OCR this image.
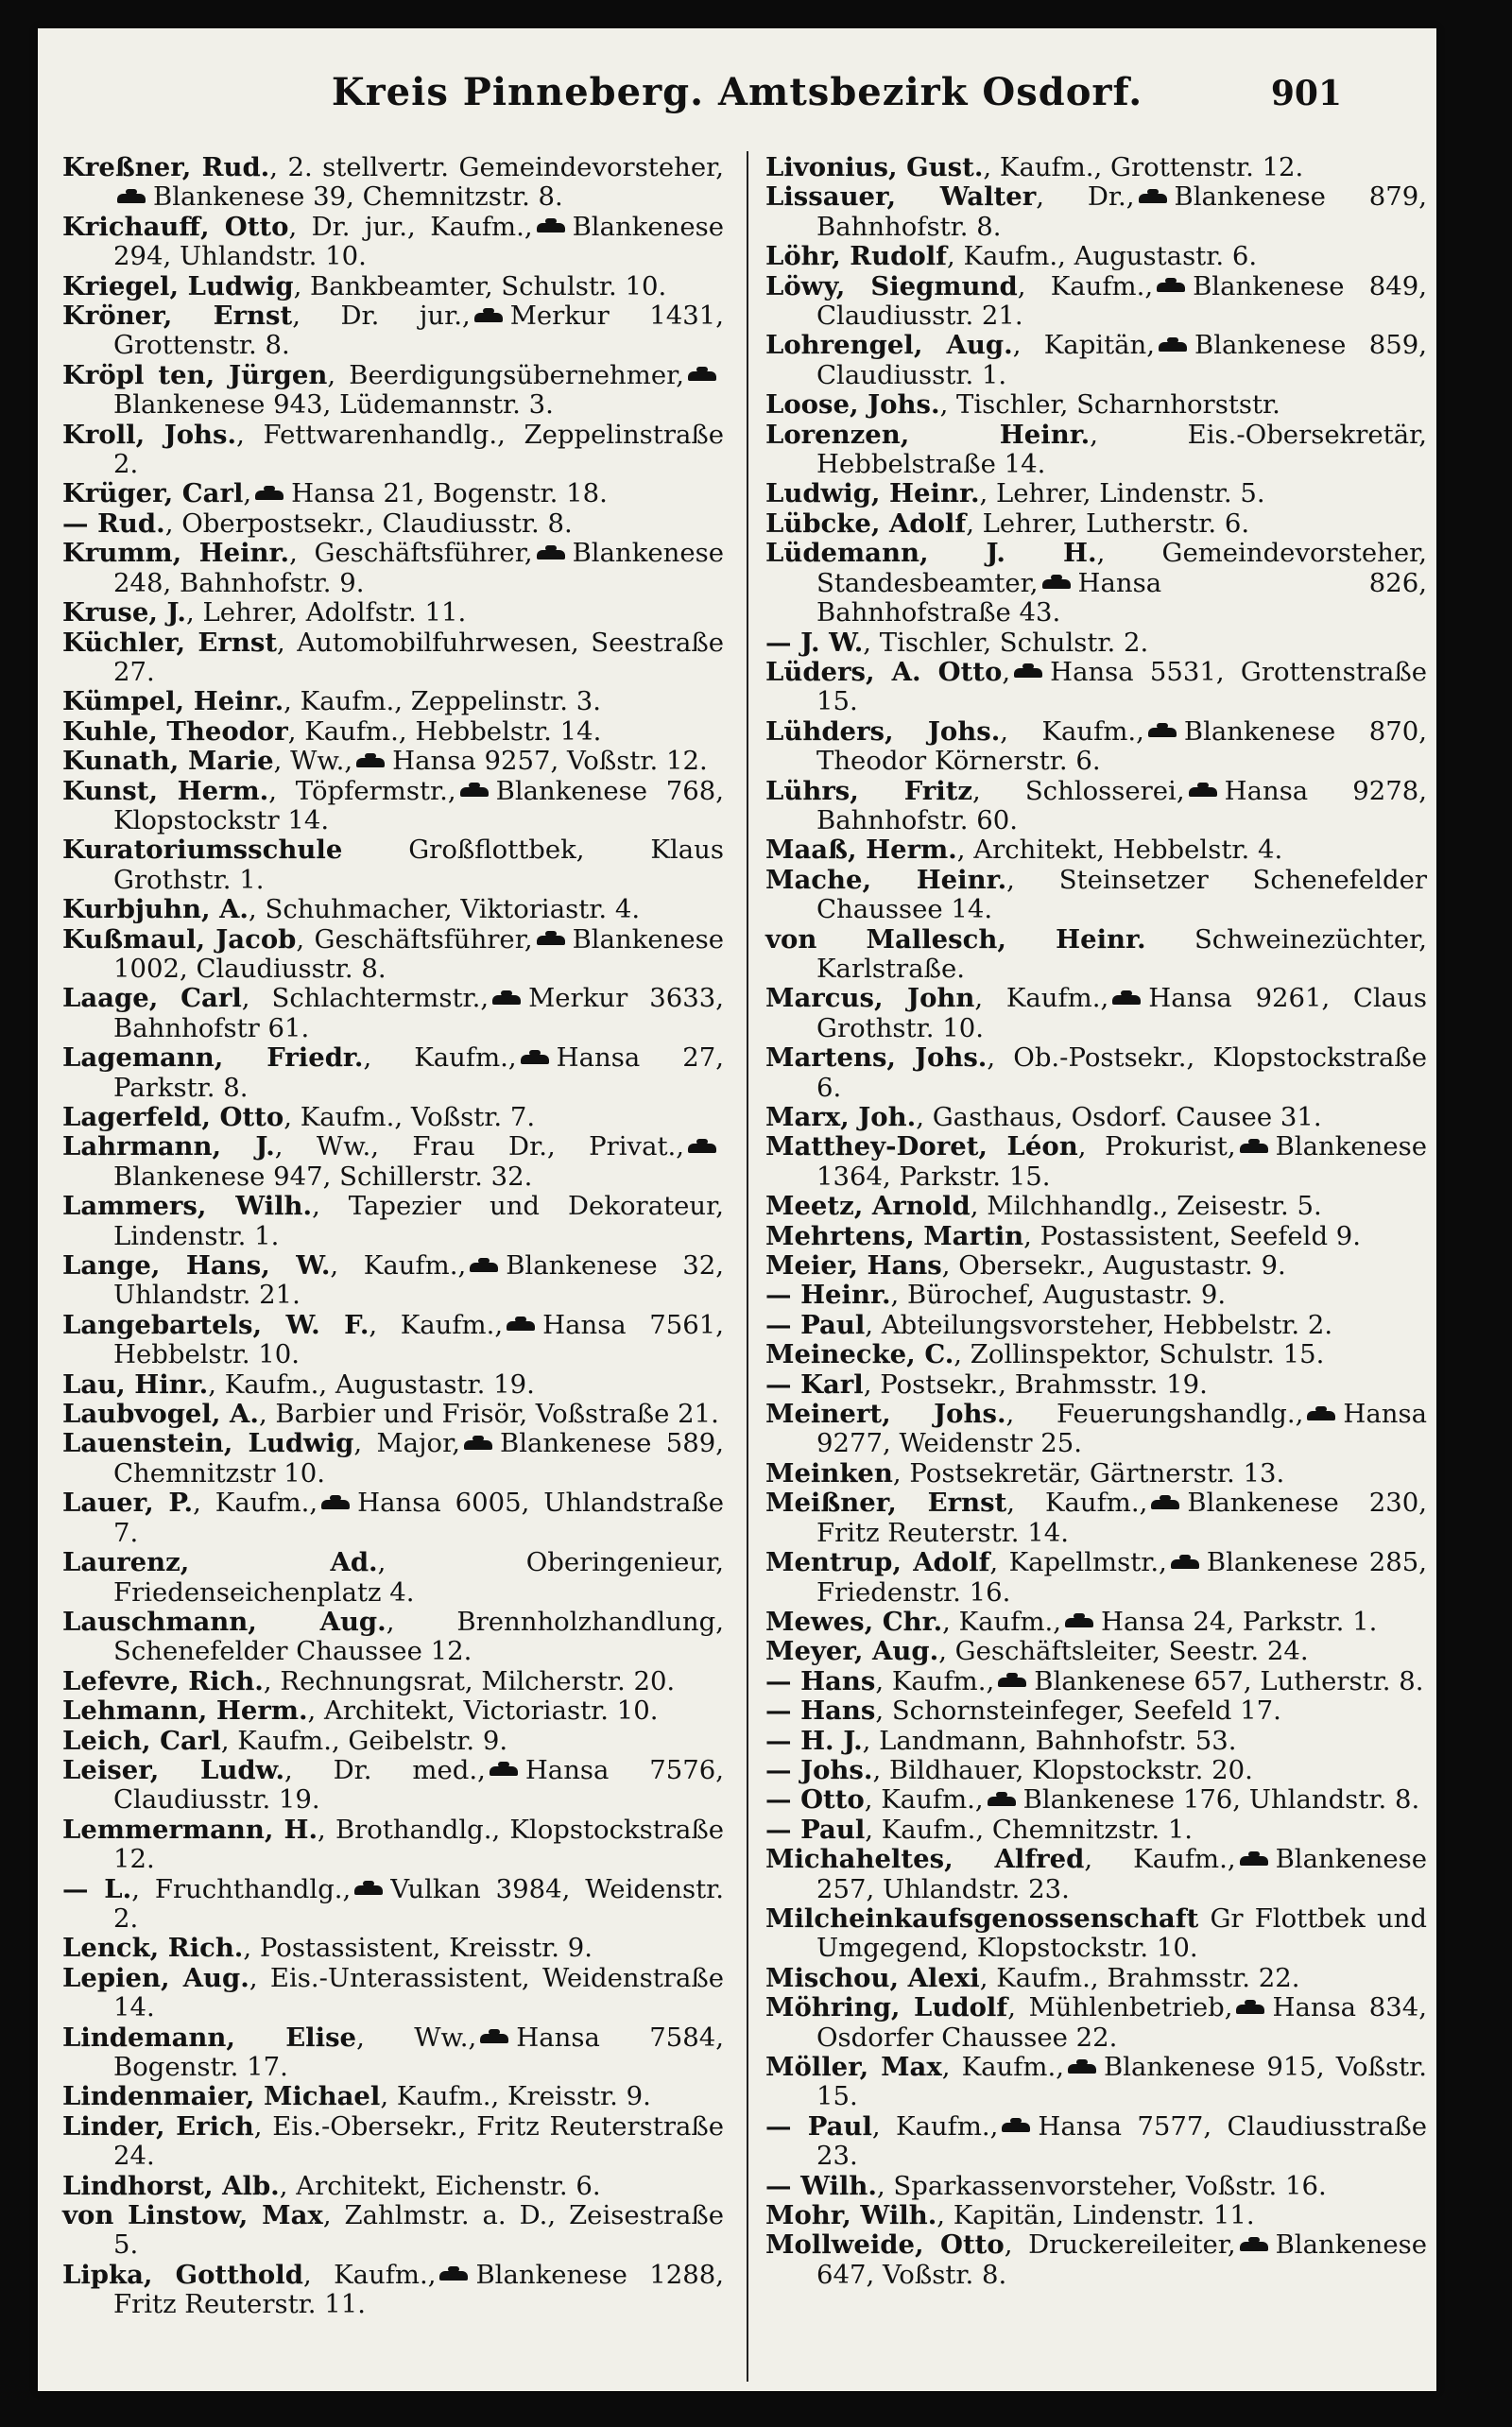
Kreis Pinneberg. Amtsbezirk Osdorf.	901

Kreßner, Rud., 2. stellvertr. Gemeindevorsteher,Blankenese 39, Chemnitzstr. 8.

Krichauff, Otto, Dr. jur., Kaufm., Blankenese 294, Uhlandstr. 10.

Kriegel, Ludwig, Bankbeamter, Schulstr. 10.

Kröner, Ernst, Dr. jur., Merkur 1431, Grottenstr. 8.

Kröpl ten, Jürgen, Beerdigungsübernehmer,Blankenese 943, Lüdemannstr. 3.

Kroll, Johs., Fettwarenhandlg., Zeppelinstraße 2.

Krüger, Carl, Hansa 21, Bogenstr. 18.

— Rud., Oberpostsekr., Claudiusstr. 8.

Krumm, Heinr., Geschäftsführer, Blankenese 248, Bahnhofstr. 9.

Kruse, J., Lehrer, Adolfstr. 11.

Küchler, Ernst, Automobilfuhrwesen, Seestraße 27.

Kümpel, Heinr., Kaufm., Zeppelinstr. 3.

Kuhle, Theodor, Kaufm., Hebbelstr. 14.

Kunath, Marie, Ww., Hansa 9257, Voßstr. 12.

Kunst, Herm., Töpfermstr., Blankenese 768, Klopstockstr 14.

Kuratoriumsschule Großflottbek, Klaus Grothstr. 1.

Kurbjuhn, A., Schuhmacher, Viktoriastr. 4.

Kußmaul, Jacob, Geschäftsführer, Blankenese 1002, Claudiusstr. 8.

Laage, Carl, Schlachtermstr., Merkur 3633, Bahnhofstr 61.

Lagemann, Friedr., Kaufm., Hansa 27, Parkstr. 8.

Lagerfeld, Otto, Kaufm., Voßstr. 7.

Lahrmann, J., Ww., Frau Dr., Privat.,Blankenese 947, Schillerstr. 32.

Lammers, Wilh., Tapezier und Dekorateur, Lindenstr. 1.

Lange, Hans, W., Kaufm., Blankenese 32, Uhlandstr. 21.

Langebartels, W. F., Kaufm., Hansa 7561, Hebbelstr. 10.

Lau, Hinr., Kaufm., Augustastr. 19.

Laubvogel, A., Barbier und Frisör, Voßstraße 21.

Lauenstein, Ludwig, Major, Blankenese 589, Chemnitzstr 10.

Lauer, P., Kaufm., Hansa 6005, Uhlandstraße 7.

Laurenz, Ad., Oberingenieur, Friedenseichenplatz 4.

Lauschmann, Aug., Brennholzhandlung, Schenefelder Chaussee 12.

Lefevre, Rich., Rechnungsrat, Milcherstr. 20.

Lehmann, Herm., Architekt, Victoriastr. 10.

Leich, Carl, Kaufm., Geibelstr. 9.

Leiser, Ludw., Dr. med., Hansa 7576, Claudiusstr. 19.

Lemmermann, H., Brothandlg., Klopstockstraße 12.

— L., Fruchthandlg., Vulkan 3984, Weidenstr. 2.

Lenck, Rich., Postassistent, Kreisstr. 9.

Lepien, Aug., Eis.-Unterassistent, Weidenstraße 14.

Lindemann, Elise, Ww., Hansa 7584, Bogenstr. 17.

Lindenmaier, Michael, Kaufm., Kreisstr. 9.

Linder, Erich, Eis.-Obersekr., Fritz Reuterstraße 24.

Lindhorst, Alb., Architekt, Eichenstr. 6.

von Linstow, Max, Zahlmstr. a. D., Zeisestraße 5.

Lipka, Gotthold, Kaufm., Blankenese 1288, Fritz Reuterstr. 11.

Livonius, Gust., Kaufm., Grottenstr. 12.

Lissauer, Walter, Dr., Blankenese 879, Bahnhofstr. 8.

Löhr, Rudolf, Kaufm., Augustastr. 6.

Löwy, Siegmund, Kaufm., Blankenese 849, Claudiusstr. 21.

Lohrengel, Aug., Kapitän, Blankenese 859, Claudiusstr. 1.

Loose, Johs., Tischler, Scharnhorststr.

Lorenzen, Heinr., Eis.-Obersekretär, Hebbelstraße 14.

Ludwig, Heinr., Lehrer, Lindenstr. 5.

Lübcke, Adolf, Lehrer, Lutherstr. 6.

Lüdemann, J. H., Gemeindevorsteher, Standesbeamter, Hansa 826, Bahnhofstraße 43.

— J. W., Tischler, Schulstr. 2.

Lüders, A. Otto, Hansa 5531, Grottenstraße 15.

Lühders, Johs., Kaufm., Blankenese 870, Theodor Körnerstr. 6.

Lührs, Fritz, Schlosserei, Hansa 9278, Bahnhofstr. 60.

Maaß, Herm., Architekt, Hebbelstr. 4.

Mache, Heinr., Steinsetzer Schenefelder Chaussee 14.

von Mallesch, Heinr. Schweinezüchter, Karlstraße.

Marcus, John, Kaufm., Hansa 9261, Claus Grothstr. 10.

Martens, Johs., Ob.-Postsekr., Klopstockstraße 6.

Marx, Joh., Gasthaus, Osdorf. Causee 31.

Matthey-Doret, Léon, Prokurist, Blankenese 1364, Parkstr. 15.

Meetz, Arnold, Milchhandlg., Zeisestr. 5.

Mehrtens, Martin, Postassistent, Seefeld 9.

Meier, Hans, Obersekr., Augustastr. 9.

— Heinr., Bürochef, Augustastr. 9.

— Paul, Abteilungsvorsteher, Hebbelstr. 2.

Meinecke, C., Zollinspektor, Schulstr. 15.

— Karl, Postsekr., Brahmsstr. 19.

Meinert, Johs., Feuerungshandlg., Hansa 9277, Weidenstr 25.

Meinken, Postsekretär, Gärtnerstr. 13.

Meißner, Ernst, Kaufm., Blankenese 230, Fritz Reuterstr. 14.

Mentrup, Adolf, Kapellmstr., Blankenese 285, Friedenstr. 16.

Mewes, Chr., Kaufm., Hansa 24, Parkstr. 1.

Meyer, Aug., Geschäftsleiter, Seestr. 24.

— Hans, Kaufm., Blankenese 657, Lutherstr. 8.

— Hans, Schornsteinfeger, Seefeld 17.

— H. J., Landmann, Bahnhofstr. 53.

— Johs., Bildhauer, Klopstockstr. 20.

— Otto, Kaufm., Blankenese 176, Uhlandstr. 8.

— Paul, Kaufm., Chemnitzstr. 1.

Michaheltes, Alfred, Kaufm., Blankenese 257, Uhlandstr. 23.

Milcheinkaufsgenossenschaft Gr Flottbek und Umgegend, Klopstockstr. 10.

Mischou, Alexi, Kaufm., Brahmsstr. 22.

Möhring, Ludolf, Mühlenbetrieb, Hansa 834, Osdorfer Chaussee 22.

Möller, Max, Kaufm., Blankenese 915, Voßstr. 15.

— Paul, Kaufm., Hansa 7577, Claudiusstraße 23.

— Wilh., Sparkassenvorsteher, Voßstr. 16.

Mohr, Wilh., Kapitän, Lindenstr. 11.

Mollweide, Otto, Druckereileiter, Blankenese 647, Voßstr. 8.
